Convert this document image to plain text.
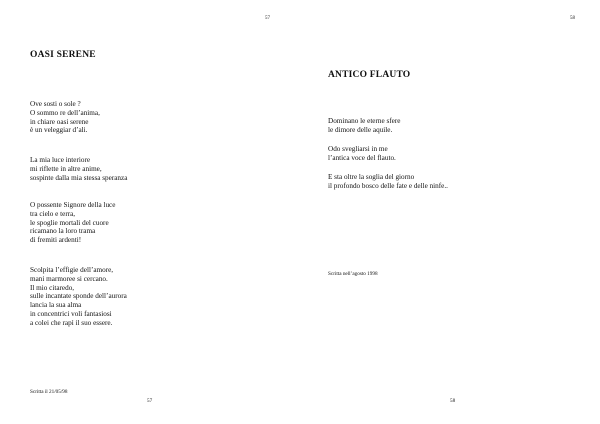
57
OASI SERENE
Ove sosti o sole ?
O sommo re dell’anima,
in chiare oasi serene
è un veleggiar d’ali.
La mia luce interiore
mi riflette in altre anime,
sospinte dalla mia stessa speranza
O possente Signore della luce
tra cielo e terra,
le spoglie mortali del cuore
ricamano la loro trama
di fremiti ardenti!
Scolpita l’effigie dell’amore,
mani marmoree si cercano.
Il mio citaredo,
sulle incantate sponde dell’aurora
lancia la sua alma
in concentrici voli fantasiosi
a colei che rapì il suo essere.
Scritta il 21/05/98
57
58
ANTICO FLAUTO
Dominano le eterne sfere
le dimore delle aquile.
Odo svegliarsi in me
l’antica voce del flauto.
E sta oltre la soglia del giorno
il profondo bosco delle fate e delle ninfe..
Scritta nell’agosto 1998
58
